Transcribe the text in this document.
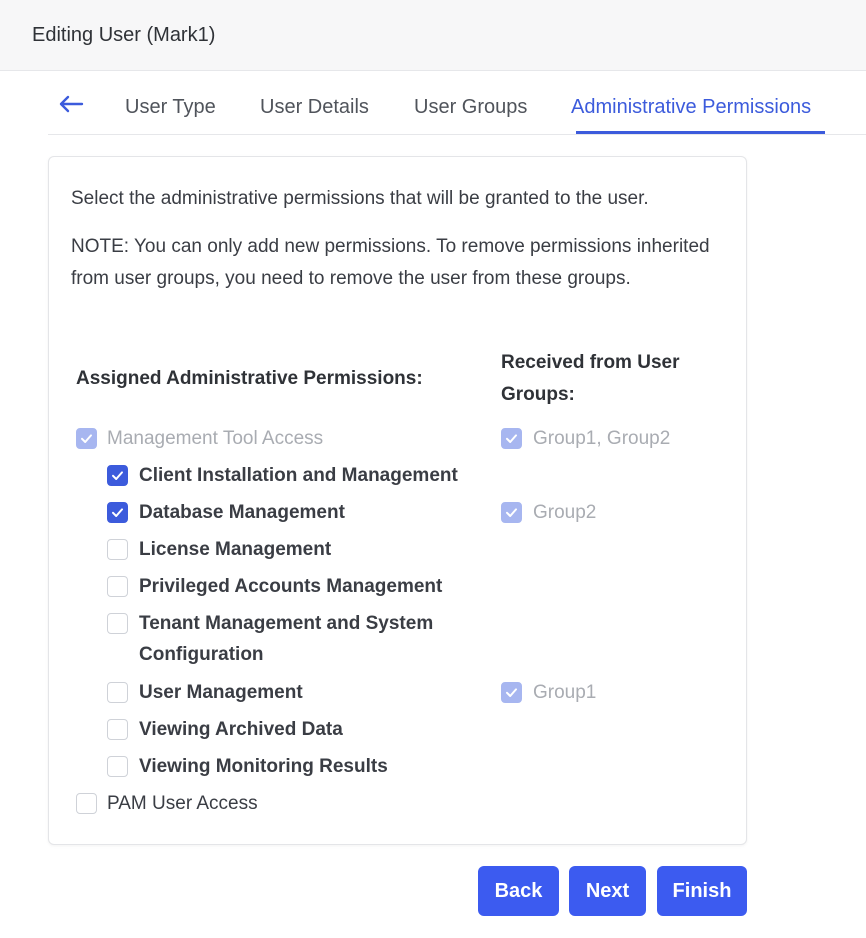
Editing User (Mark1)
User Type User Details User Groups Administrative Permissions
Select the administrative permissions that will be granted to the user.
NOTE: You can only add new permissions. To remove permissions inherited from user groups, you need to remove the user from these groups.
Assigned Administrative Permissions:
Received from User
Groups:
Management Tool Access	Group1, Group2
Client Installation and Management
Database Management	Group2
License Management
Privileged Accounts Management
Tenant Management and System
Configuration
User Management	Group1
Viewing Archived Data
Viewing Monitoring Results
PAM User Access
Back	Next	Finish
